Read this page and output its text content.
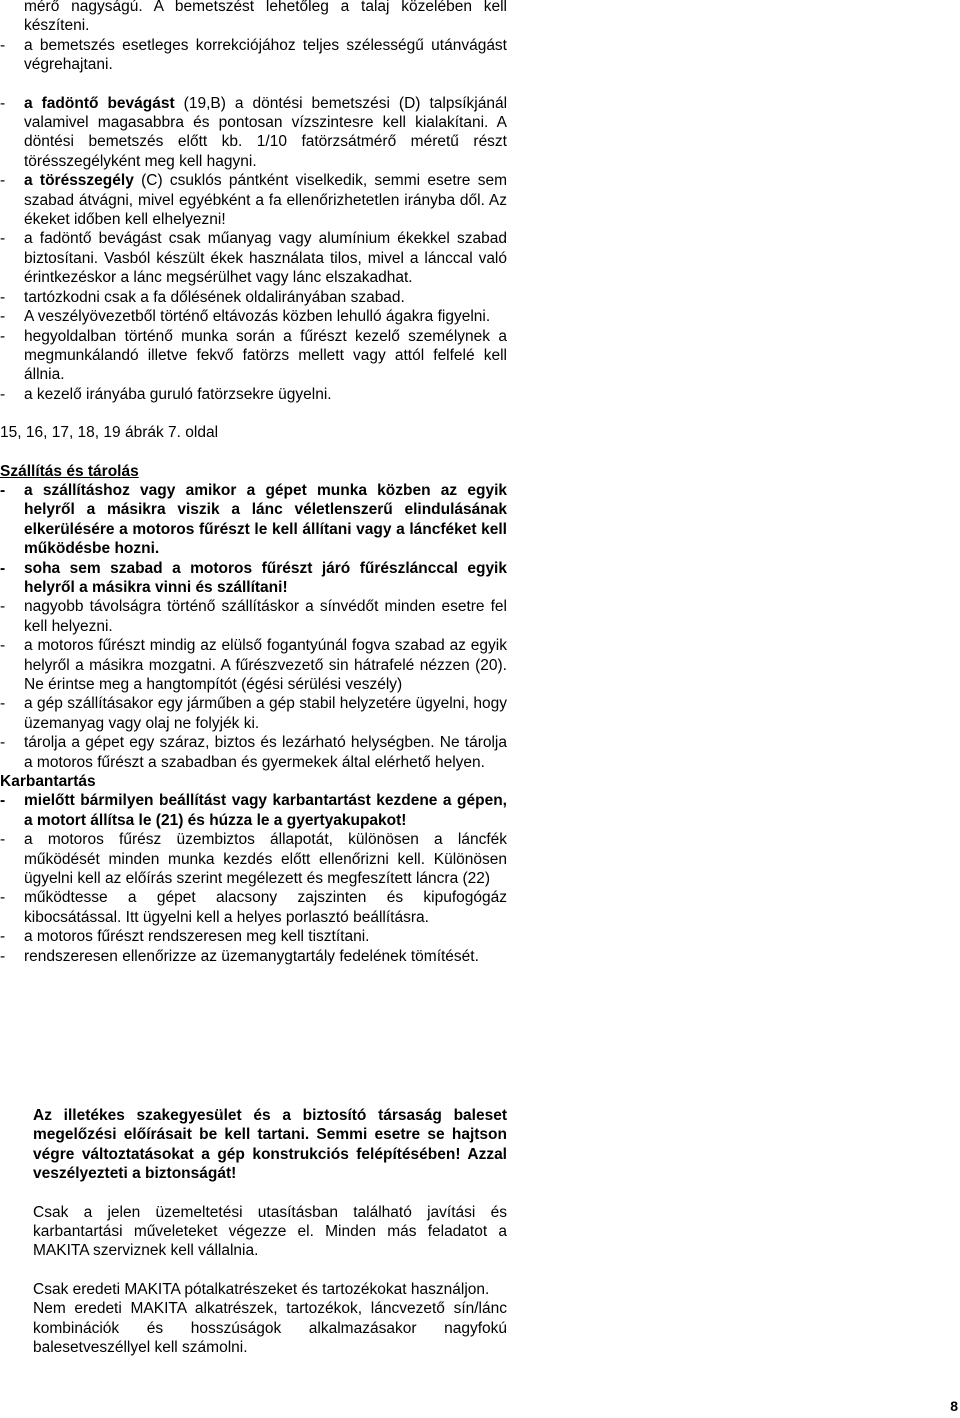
mérő nagyságú. A bemetszést lehetőleg a talaj közelében kell készíteni.

-	a bemetszés esetleges korrekciójához teljes szélességű utánvágást végrehajtani.
-	a fadöntő bevágást (19,B) a döntési bemetszési (D) talpsíkjánál valamivel magasabbra és pontosan vízszintesre kell kialakítani. A döntési bemetszés előtt kb. 1/10 fatörzsátmérő méretű részt törésszegélyként meg kell hagyni.
-	a törésszegély (C) csuklós pántként viselkedik, semmi esetre sem szabad átvágni, mivel egyébként a fa ellenőrizhetetlen irányba dől. Az ékeket időben kell elhelyezni!
-	a fadöntő bevágást csak műanyag vagy alumínium ékekkel szabad biztosítani. Vasból készült ékek használata tilos, mivel a lánccal való érintkezéskor a lánc megsérülhet vagy lánc elszakadhat.
-	tartózkodni csak a fa dőlésének oldalirányában szabad.
-	A veszélyövezetből történő eltávozás közben lehulló ágakra figyelni.
-	hegyoldalban történő munka során a fűrészt kezelő személynek a megmunkálandó illetve fekvő fatörzs mellett vagy attól felfelé kell állnia.
-	a kezelő irányába guruló fatörzsekre ügyelni.

15, 16, 17, 18, 19 ábrák 7. oldal

Szállítás és tárolás

-	a szállításhoz vagy amikor a gépet munka közben az egyik helyről a másikra viszik a lánc véletlenszerű elindulásának elkerülésére a motoros fűrészt le kell állítani vagy a láncféket kell működésbe hozni.
-	soha sem szabad a motoros fűrészt járó fűrészlánccal egyik helyről a másikra vinni és szállítani!
-	nagyobb távolságra történő szállításkor a sínvédőt minden esetre fel kell helyezni.
-	a motoros fűrészt mindig az elülső fogantyúnál fogva szabad az egyik helyről a másikra mozgatni. A fűrészvezető sin hátrafelé nézzen (20). Ne érintse meg a hangtompítót (égési sérülési veszély)
-	a gép szállításakor egy járműben a gép stabil helyzetére ügyelni, hogy üzemanyag vagy olaj ne folyjék ki.
-	tárolja a gépet egy száraz, biztos és lezárható helységben. Ne tárolja a motoros fűrészt a szabadban és gyermekek által elérhető helyen.

Karbantartás

-	mielőtt bármilyen beállítást vagy karbantartást kezdene a gépen, a motort állítsa le (21) és húzza le a gyertyakupakot!
-	a motoros fűrész üzembiztos állapotát, különösen a láncfék működését minden munka kezdés előtt ellenőrizni kell. Különösen ügyelni kell az előírás szerint megélezett és megfeszített láncra (22)
-	működtesse a gépet alacsony zajszinten és kipufogógáz kibocsátással. Itt ügyelni kell a helyes porlasztó beállításra.
-	a motoros fűrészt rendszeresen meg kell tisztítani.
-	rendszeresen ellenőrizze az üzemanygtartály fedelének tömítését.

Az illetékes szakegyesület és a biztosító társaság baleset megelőzési előírásait be kell tartani. Semmi esetre se hajtson végre változtatásokat a gép konstrukciós felépítésében! Azzal veszélyezteti a biztonságát!

Csak a jelen üzemeltetési utasításban található javítási és karbantartási műveleteket végezze el. Minden más feladatot a MAKITA szerviznek kell vállalnia.

Csak eredeti MAKITA pótalkatrészeket és tartozékokat használjon.

Nem eredeti MAKITA alkatrészek, tartozékok, láncvezető sín/lánc kombinációk és hosszúságok alkalmazásakor nagyfokú balesetveszéllyel kell számolni.

8
